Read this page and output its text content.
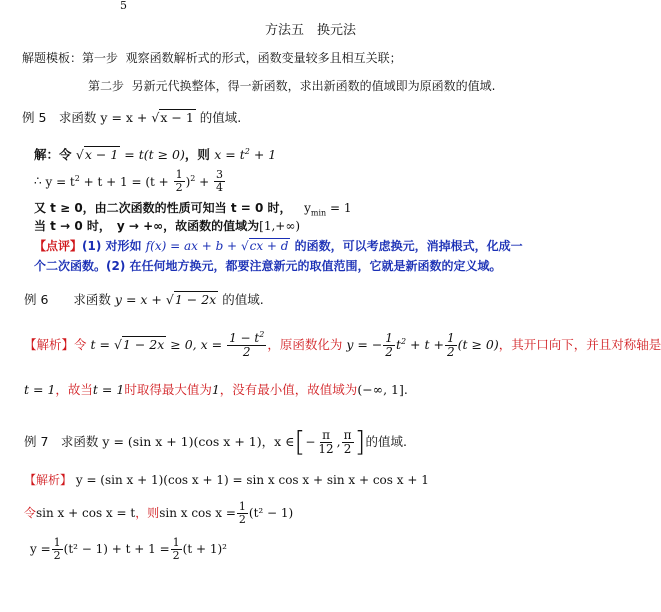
5
方法五　换元法
解题模板：第一步 观察函数解析式的形式，函数变量较多且相互关联；
第二步 另新元代换整体，得一新函数，求出新函数的值域即为原函数的值域.
例 5　求函数 y = x + √x − 1 的值域.
解：令 √x − 1 = t(t ≥ 0)，则 $x = t^2 + 1$
∴
$y = t^2 + t + 1 = (t + \frac{1}{2} )^2 + \frac{3}{4}$
又 t ≥ 0，由二次函数的性质可知当 t = 0 时， $y_{min} = 1$
当 t → 0 时，　y → +∞，故函数的值域为[1,+∞)
【点评】(1) 对形如 f(x) = ax + b + √cx + d 的函数，可以考虑换元，消掉根式，化成一
个二次函数。(2) 在任何地方换元，都要注意新元的取值范围，它就是新函数的定义域。
例 6　　求函数 y = x + √1 − 2x 的值域.
【解析】 令 t = √1 − 2x ≥ 0, $x = \frac{1 - t^2}{2}$ ，原函数化为 y = − $\frac{1}{2} t^2 + t + \frac{1}{2} (t \ge 0)$ ，其开口向下，并且对称轴是
t = 1，故当t = 1时取得最大值为1，没有最小值，故值域为(−∞, 1].
例 7　求函数
y = (sin x + 1)(cos x + 1) ，x ∈ [ − $\frac{\pi}{12}$ , $\frac{\pi}{2}$ ] 的值域.
【解析】 y = (sin x + 1)(cos x + 1) = sin x cos x + sin x + cos x + 1
令 sin x + cos x = t ，则 sin x $\cos x = \frac{1}{2} (t^2 - 1)$
$y = \frac{1}{2} (t^2 - 1) + t + 1 = \frac{1}{2} (t + 1)^2$
